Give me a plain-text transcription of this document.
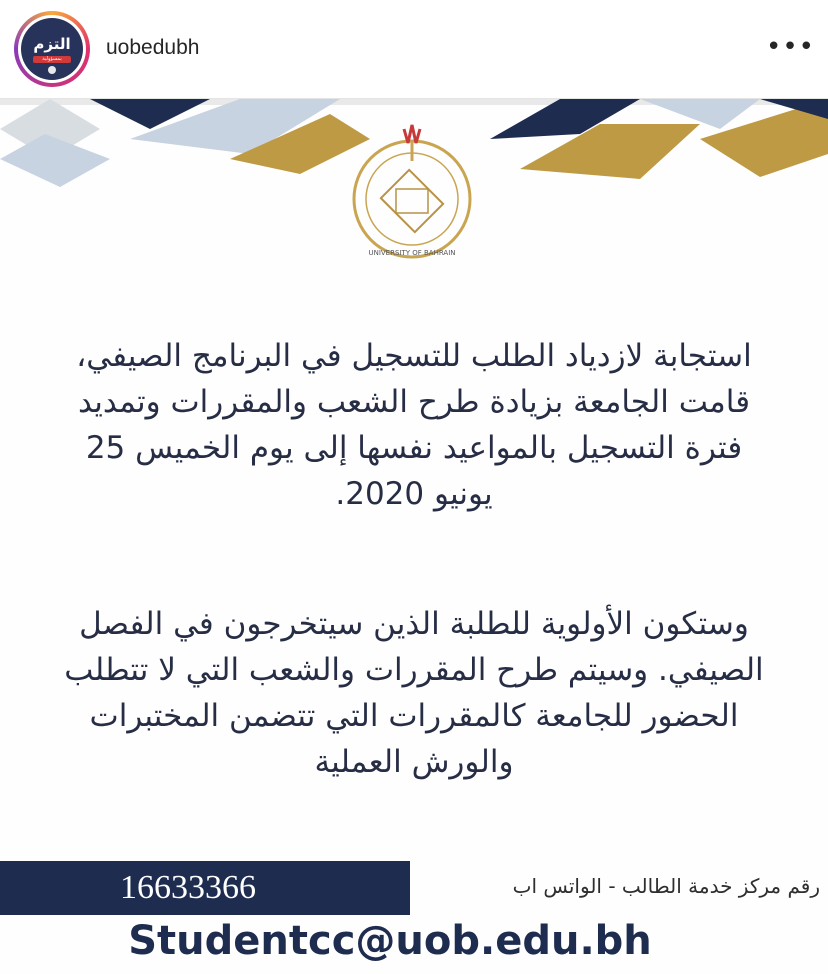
التزم
بمسؤولية	uobedubh	•••
UNIVERSITY OF BAHRAIN
استجابة لازدياد الطلب للتسجيل في البرنامج الصيفي، قامت الجامعة بزيادة طرح الشعب والمقررات وتمديد فترة التسجيل بالمواعيد نفسها إلى يوم الخميس 25 يونيو 2020.
وستكون الأولوية للطلبة الذين سيتخرجون في الفصل الصيفي. وسيتم طرح المقررات والشعب التي لا تتطلب الحضور للجامعة كالمقررات التي تتضمن المختبرات والورش العملية
16633366	رقم مركز خدمة الطالب - الواتس اب
Studentcc@uob.edu.bh
